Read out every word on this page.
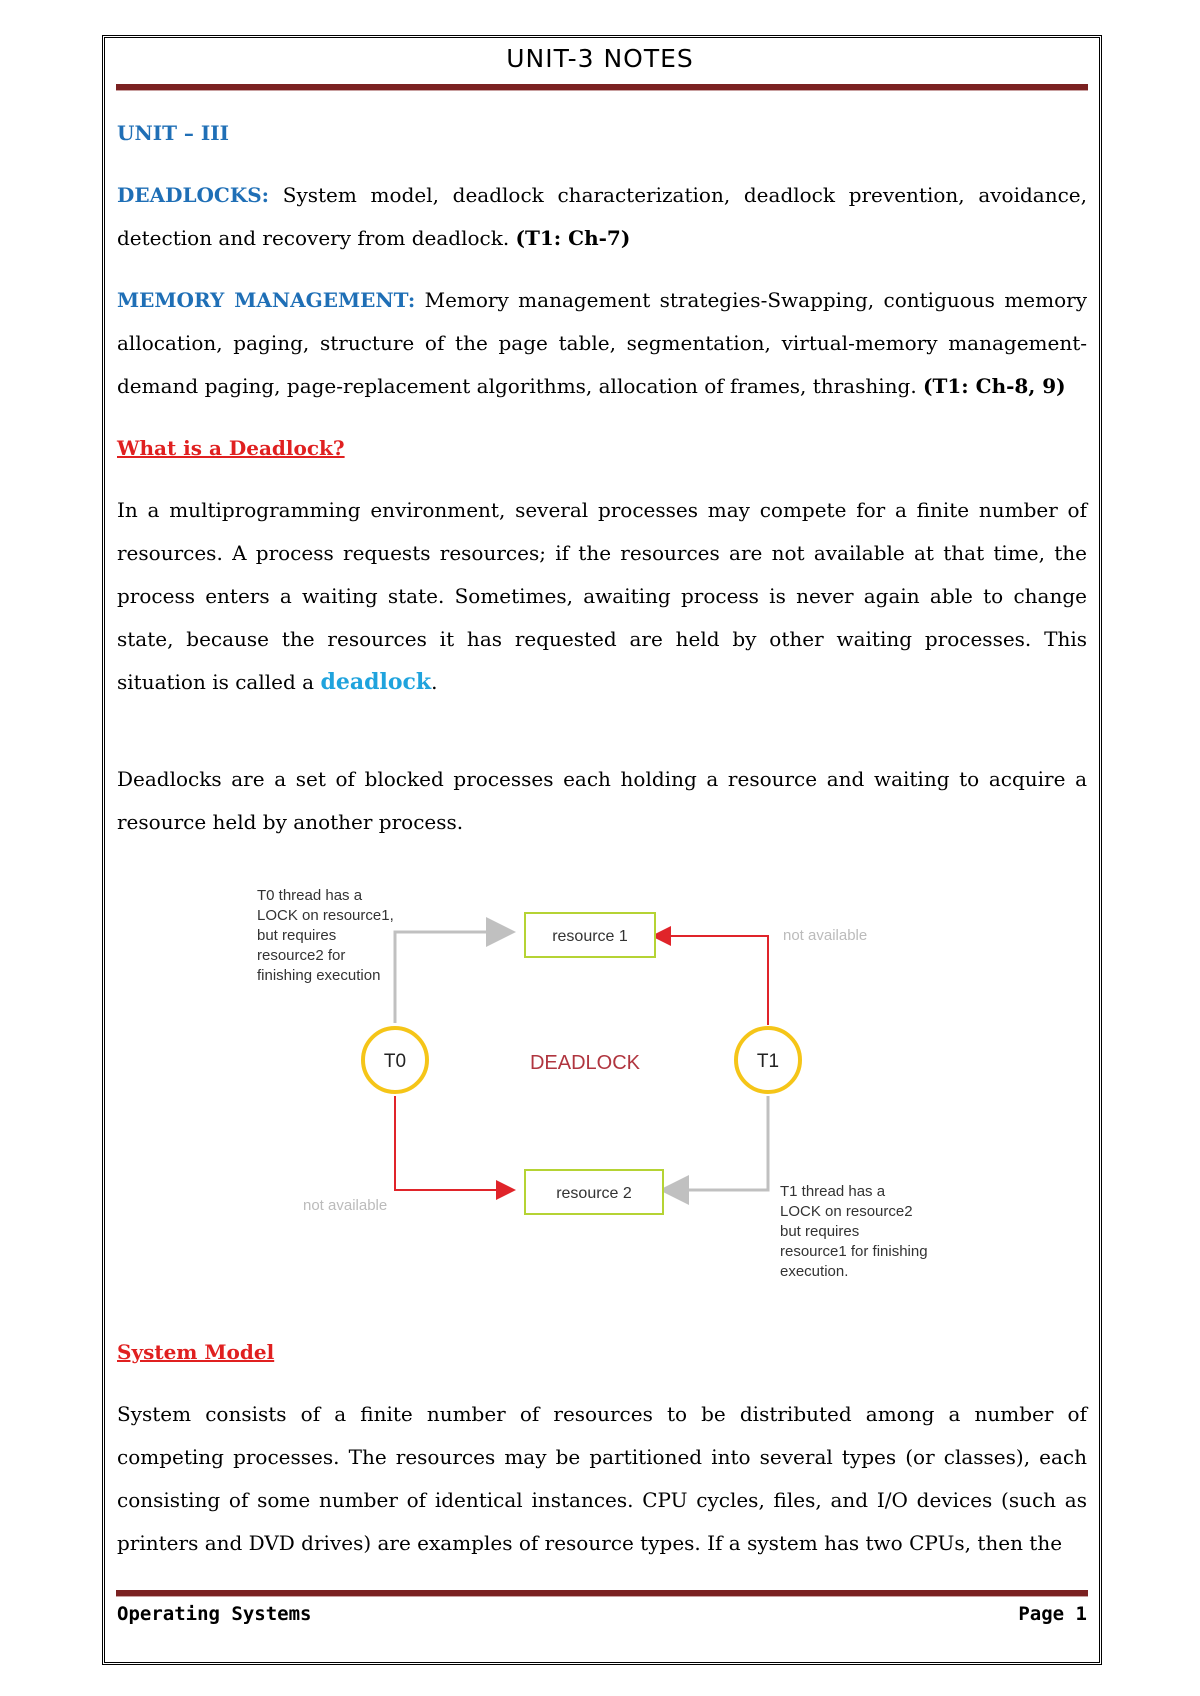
UNIT-3 NOTES

UNIT – III

DEADLOCKS: System model, deadlock characterization, deadlock prevention, avoidance, detection and recovery from deadlock. (T1: Ch-7)

MEMORY MANAGEMENT: Memory management strategies-Swapping, contiguous memory allocation, paging, structure of the page table, segmentation, virtual-memory management-demand paging, page-replacement algorithms, allocation of frames, thrashing. (T1: Ch-8, 9)

What is a Deadlock?

In a multiprogramming environment, several processes may compete for a finite number of resources. A process requests resources; if the resources are not available at that time, the process enters a waiting state. Sometimes, awaiting process is never again able to change state, because the resources it has requested are held by other waiting processes. This situation is called a deadlock.

Deadlocks are a set of blocked processes each holding a resource and waiting to acquire a resource held by another process.

System Model

System consists of a finite number of resources to be distributed among a number of competing processes. The resources may be partitioned into several types (or classes), each consisting of some number of identical instances. CPU cycles, files, and I/O devices (such as printers and DVD drives) are examples of resource types. If a system has two CPUs, then the

resource 1
resource 2
T0	T1
DEADLOCK
not available
not available
T0 thread has a
LOCK on resource1,
but requires
resource2 for
finishing execution
T1 thread has a
LOCK on resource2
but requires
resource1 for finishing
execution.
Operating Systems	Page 1
